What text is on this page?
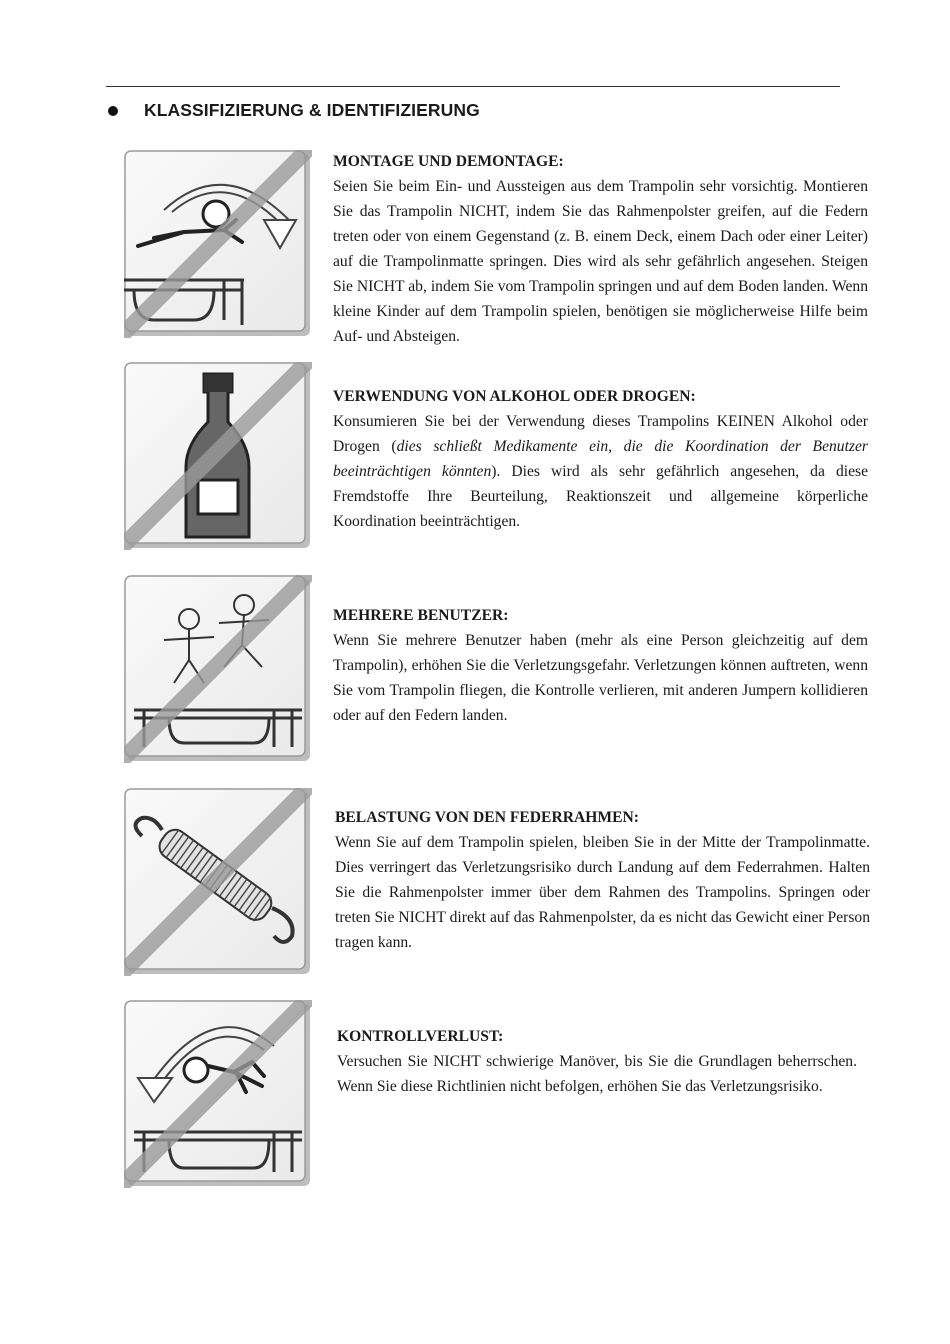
KLASSIFIZIERUNG & IDENTIFIZIERUNG
MONTAGE UND DEMONTAGE:

Seien Sie beim Ein- und Aussteigen aus dem Trampolin sehr vorsichtig. Montieren Sie das Trampolin NICHT, indem Sie das Rahmenpolster greifen, auf die Federn treten oder von einem Gegenstand (z. B. einem Deck, einem Dach oder einer Leiter) auf die Trampolinmatte springen. Dies wird als sehr gefährlich angesehen. Steigen Sie NICHT ab, indem Sie vom Trampolin springen und auf dem Boden landen. Wenn kleine Kinder auf dem Trampolin spielen, benötigen sie möglicherweise Hilfe beim Auf- und Absteigen.

VERWENDUNG VON ALKOHOL ODER DROGEN:

Konsumieren Sie bei der Verwendung dieses Trampolins KEINEN Alkohol oder Drogen (dies schließt Medikamente ein, die die Koordination der Benutzer beeinträchtigen könnten). Dies wird als sehr gefährlich angesehen, da diese Fremdstoffe Ihre Beurteilung, Reaktionszeit und allgemeine körperliche Koordination beeinträchtigen.

MEHRERE BENUTZER:

Wenn Sie mehrere Benutzer haben (mehr als eine Person gleichzeitig auf dem Trampolin), erhöhen Sie die Verletzungsgefahr. Verletzungen können auftreten, wenn Sie vom Trampolin fliegen, die Kontrolle verlieren, mit anderen Jumpern kollidieren oder auf den Federn landen.

BELASTUNG VON DEN FEDERRAHMEN:

Wenn Sie auf dem Trampolin spielen, bleiben Sie in der Mitte der Trampolinmatte. Dies verringert das Verletzungsrisiko durch Landung auf dem Federrahmen. Halten Sie die Rahmenpolster immer über dem Rahmen des Trampolins. Springen oder treten Sie NICHT direkt auf das Rahmenpolster, da es nicht das Gewicht einer Person tragen kann.

KONTROLLVERLUST:

Versuchen Sie NICHT schwierige Manöver, bis Sie die Grundlagen beherrschen. Wenn Sie diese Richtlinien nicht befolgen, erhöhen Sie das Verletzungsrisiko.
